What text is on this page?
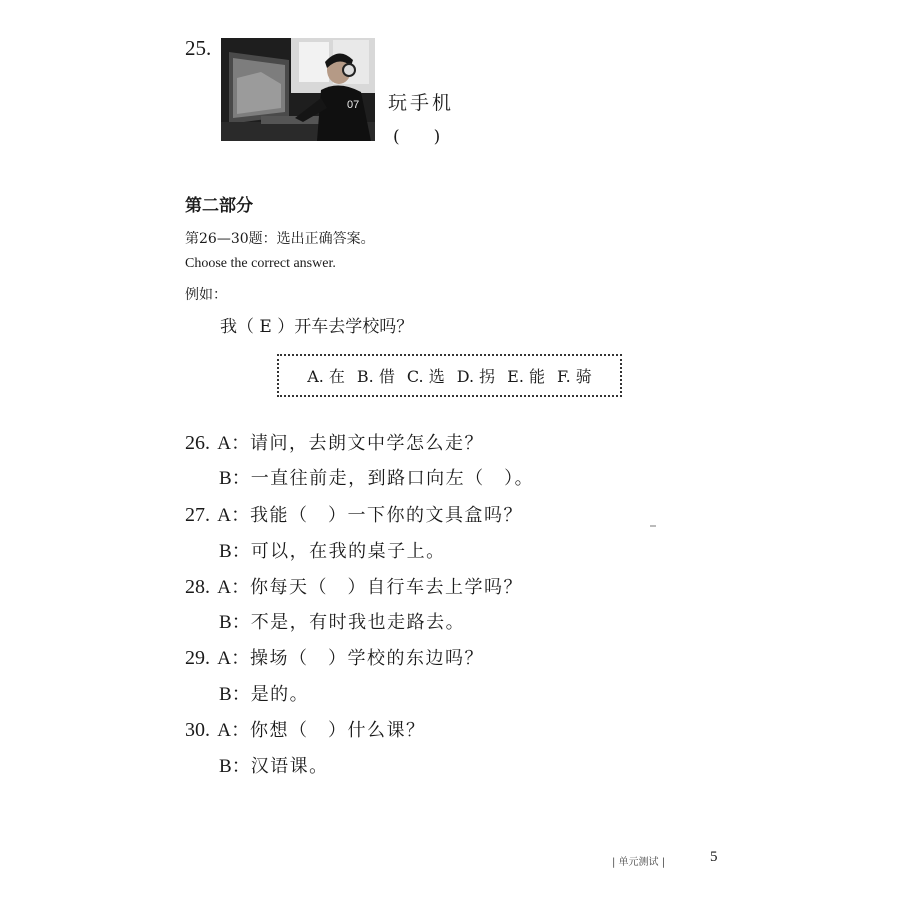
25.
07 玩手机
(　　)
第二部分
第26—30题：选出正确答案。
Choose the correct answer.
例如：
我（ E ）开车去学校吗？
A. 在 B. 借 C. 选 D. 拐 E. 能 F. 骑
26. A：请问，去朗文中学怎么走？
B：一直往前走，到路口向左（　）。
27. A：我能（　）一下你的文具盒吗？
B：可以，在我的桌子上。
28. A：你每天（　）自行车去上学吗？
B：不是，有时我也走路去。
29. A：操场（　）学校的东边吗？
B：是的。
30. A：你想（　）什么课？
B：汉语课。
| 单元测试 |	5
